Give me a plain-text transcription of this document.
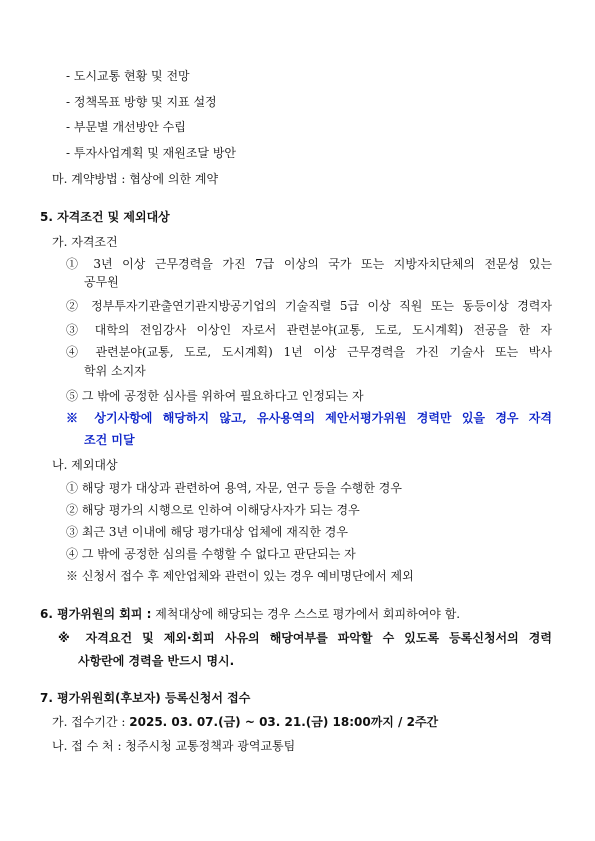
- 도시교통 현황 및 전망
- 정책목표 방향 및 지표 설정
- 부문별 개선방안 수립
- 투자사업계획 및 재원조달 방안
마. 계약방법 : 협상에 의한 계약
5. 자격조건 및 제외대상
가. 자격조건
① 3년 이상 근무경력을 가진 7급 이상의 국가 또는 지방자치단체의 전문성 있는
공무원
② 정부투자기관출연기관지방공기업의 기술직렬 5급 이상 직원 또는 동등이상 경력자
③ 대학의 전임강사 이상인 자로서 관련분야(교통, 도로, 도시계획) 전공을 한 자
④ 관련분야(교통, 도로, 도시계획) 1년 이상 근무경력을 가진 기술사 또는 박사
학위 소지자
⑤ 그 밖에 공정한 심사를 위하여 필요하다고 인정되는 자
※ 상기사항에 해당하지 않고, 유사용역의 제안서평가위원 경력만 있을 경우 자격
조건 미달
나. 제외대상
① 해당 평가 대상과 관련하여 용역, 자문, 연구 등을 수행한 경우
② 해당 평가의 시행으로 인하여 이해당사자가 되는 경우
③ 최근 3년 이내에 해당 평가대상 업체에 재직한 경우
④ 그 밖에 공정한 심의를 수행할 수 없다고 판단되는 자
※ 신청서 접수 후 제안업체와 관련이 있는 경우 예비명단에서 제외
6. 평가위원의 회피 : 제척대상에 해당되는 경우 스스로 평가에서 회피하여야 함.
※ 자격요건 및 제외·회피 사유의 해당여부를 파악할 수 있도록 등록신청서의 경력
사항란에 경력을 반드시 명시.
7. 평가위원회(후보자) 등록신청서 접수
가. 접수기간 : 2025. 03. 07.(금) ~ 03. 21.(금) 18:00까지 / 2주간
나. 접 수 처 : 청주시청 교통정책과 광역교통팀
